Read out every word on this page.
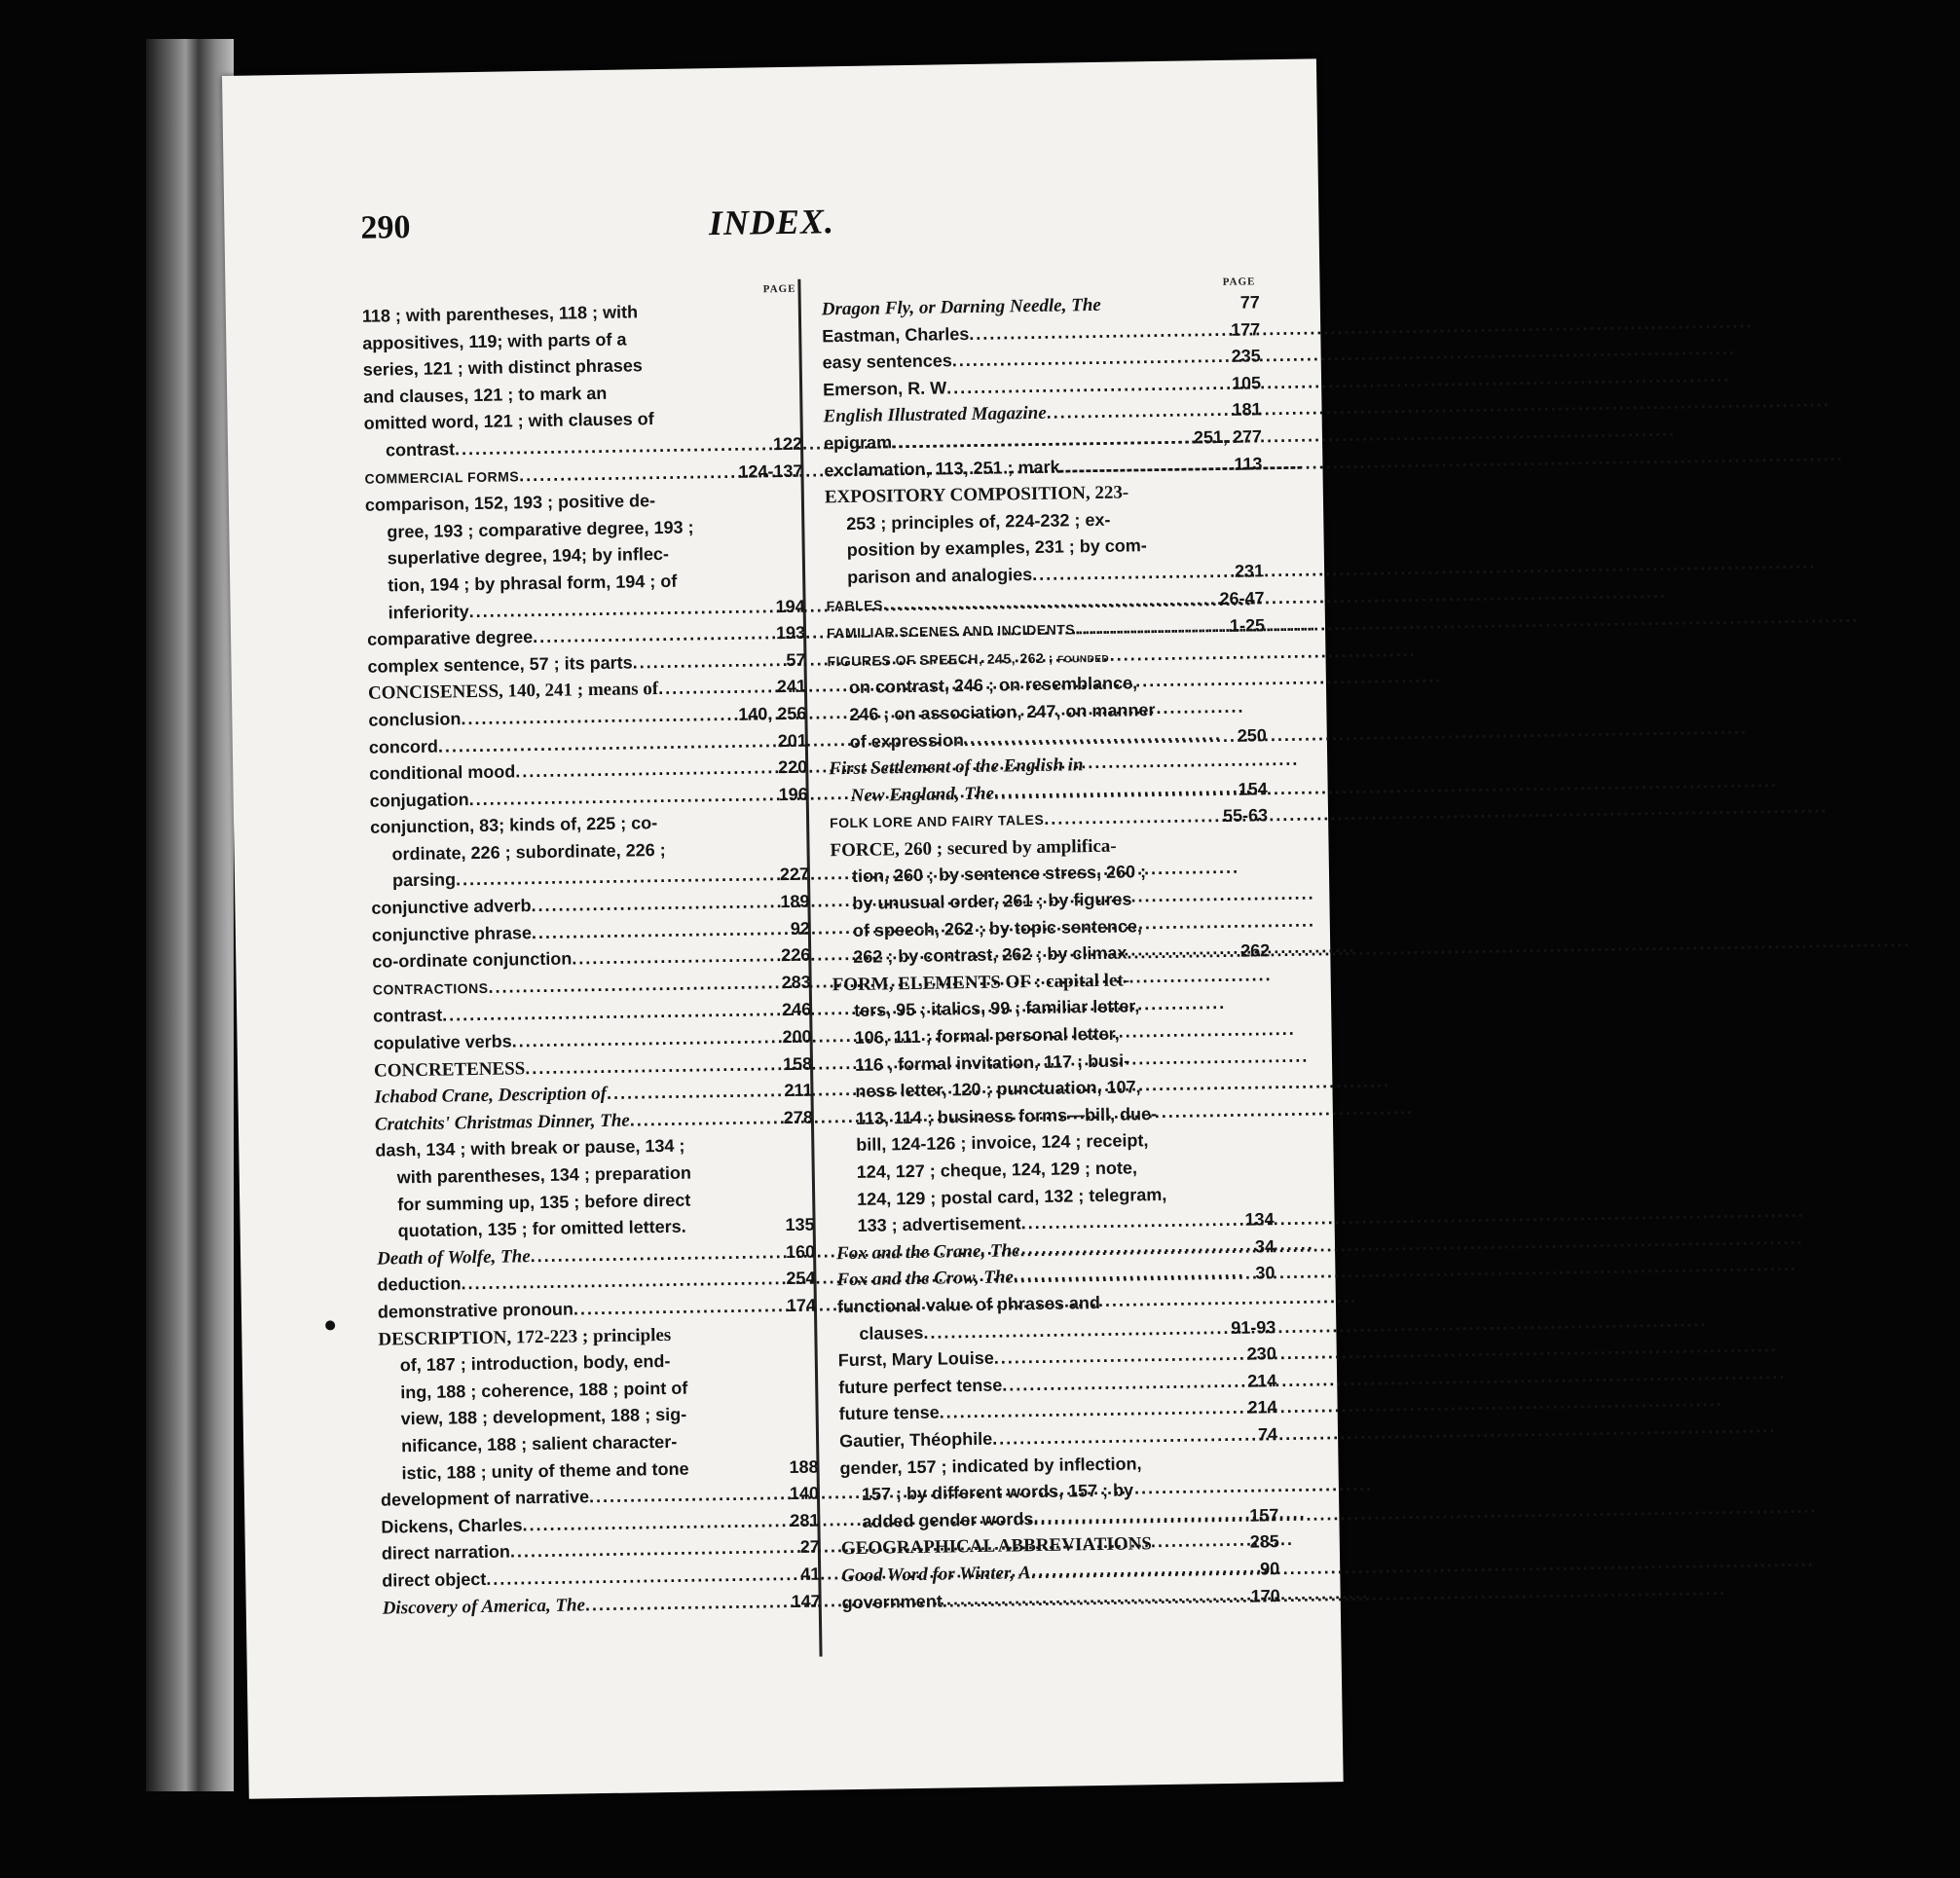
290	INDEX.
PAGE
118 ; with parentheses, 118 ; with
appositives, 119; with parts of a
series, 121 ; with distinct phrases
and clauses, 121 ; to mark an
omitted word, 121 ; with clauses of
contrast .....	122
COMMERCIAL FORMS .....	124-137
comparison, 152, 193 ; positive de-
gree, 193 ; comparative degree, 193 ;
superlative degree, 194; by inflec-
tion, 194 ; by phrasal form, 194 ; of
inferiority .....	194
comparative degree .....	193
complex sentence, 57 ; its parts .....	57
CONCISENESS, 140, 241 ; means of .....	241
conclusion .....	140, 256
concord .....	201
conditional mood .....	220
conjugation .....	196
conjunction, 83; kinds of, 225 ; co-
ordinate, 226 ; subordinate, 226 ;
parsing .....	227
conjunctive adverb .....	189
conjunctive phrase .....	92
co-ordinate conjunction .....	226
CONTRACTIONS .....	283
contrast .....	246
copulative verbs .....	200
CONCRETENESS .....	158
Ichabod Crane, Description of .....	211
Cratchits' Christmas Dinner, The .....	278
dash, 134 ; with break or pause, 134 ;
with parentheses, 134 ; preparation
for summing up, 135 ; before direct
quotation, 135 ; for omitted letters.	135
Death of Wolfe, The .....	160
deduction .....	254
demonstrative pronoun .....	174
DESCRIPTION, 172-223 ; principles
of, 187 ; introduction, body, end-
ing, 188 ; coherence, 188 ; point of
view, 188 ; development, 188 ; sig-
nificance, 188 ; salient character-
istic, 188 ; unity of theme and tone	188
development of narrative .....	140
Dickens, Charles .....	281
direct narration .....	27
direct object .....	41
Discovery of America, The .....	147
PAGE
Dragon Fly, or Darning Needle, The	77
Eastman, Charles .....	177
easy sentences .....	235
Emerson, R. W .....	105
English Illustrated Magazine .....	181
epigram .....	251, 277
exclamation, 113, 251 ; mark .....	113
EXPOSITORY COMPOSITION, 223-
253 ; principles of, 224-232 ; ex-
position by examples, 231 ; by com-
parison and analogies .....	231
FABLES .....	26-47
FAMILIAR SCENES AND INCIDENTS .....	1-25
FIGURES OF SPEECH, 245, 262 ; founded
on contrast, 246 ; on resemblance,
246 ; on association, 247, on manner
of expression .....	250
First Settlement of the English in
New England, The .....	154
FOLK LORE AND FAIRY TALES .....	55-63
FORCE, 260 ; secured by amplifica-
tion, 260 ; by sentence stress, 260 ;
by unusual order, 261 ; by figures
of speech, 262 ; by topic sentence,
262 ; by contrast, 262 ; by climax .....	262
FORM, ELEMENTS OF : capital let-
ters, 95 ; italics, 99 ; familiar letter,
106, 111 ; formal personal letter,
116 , formal invitation, 117 ; busi-
ness letter, 120 ; punctuation, 107,
113, 114 ; business forms—bill, due-
bill, 124-126 ; invoice, 124 ; receipt,
124, 127 ; cheque, 124, 129 ; note,
124, 129 ; postal card, 132 ; telegram,
133 ; advertisement .....	134
Fox and the Crane, The .....	34
Fox and the Crow, The .....	30
functional value of phrases and
clauses .....	91-93
Furst, Mary Louise .....	230
future perfect tense .....	214
future tense .....	214
Gautier, Théophile .....	74
gender, 157 ; indicated by inflection,
157 ; by different words, 157 ; by
added gender words .....	157
GEOGRAPHICAL ABBREVIATIONS	285
Good Word for Winter, A .....	90
government .....	170
